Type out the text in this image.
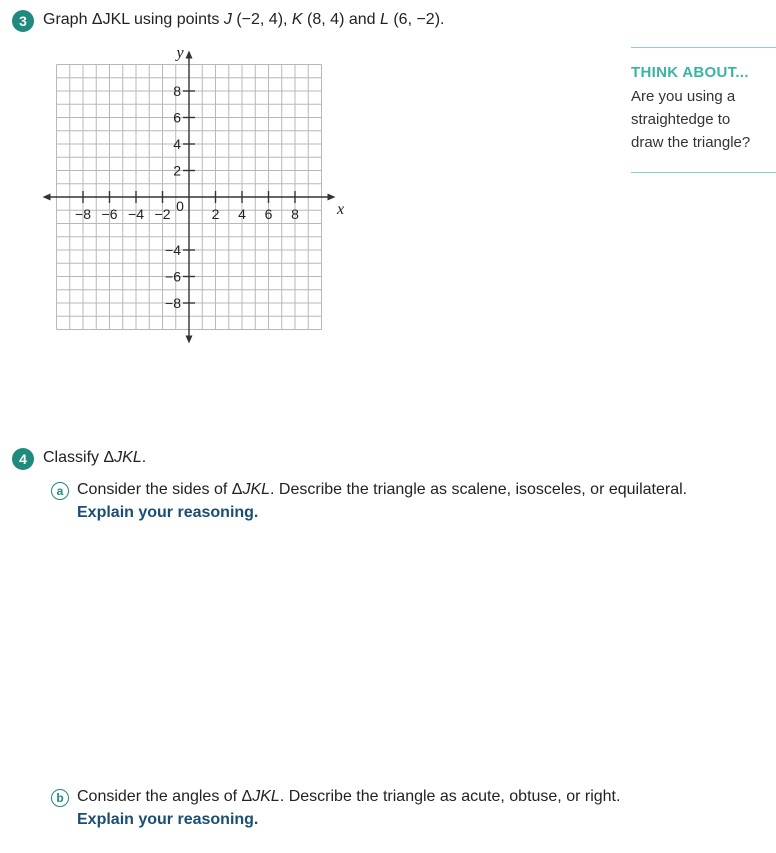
3 Graph ΔJKL using points J (−2, 4), K (8, 4) and L (6, −2).
−8 −6 −4 −2	2 4 6 8
8
6
4
2
−4
−6
−8
0	x
y
THINK ABOUT...
Are you using a
straightedge to
draw the triangle?
4 Classify ΔJKL.
a Consider the sides of ΔJKL. Describe the triangle as scalene, isosceles, or equilateral.
Explain your reasoning.
b Consider the angles of ΔJKL. Describe the triangle as acute, obtuse, or right.
Explain your reasoning.
